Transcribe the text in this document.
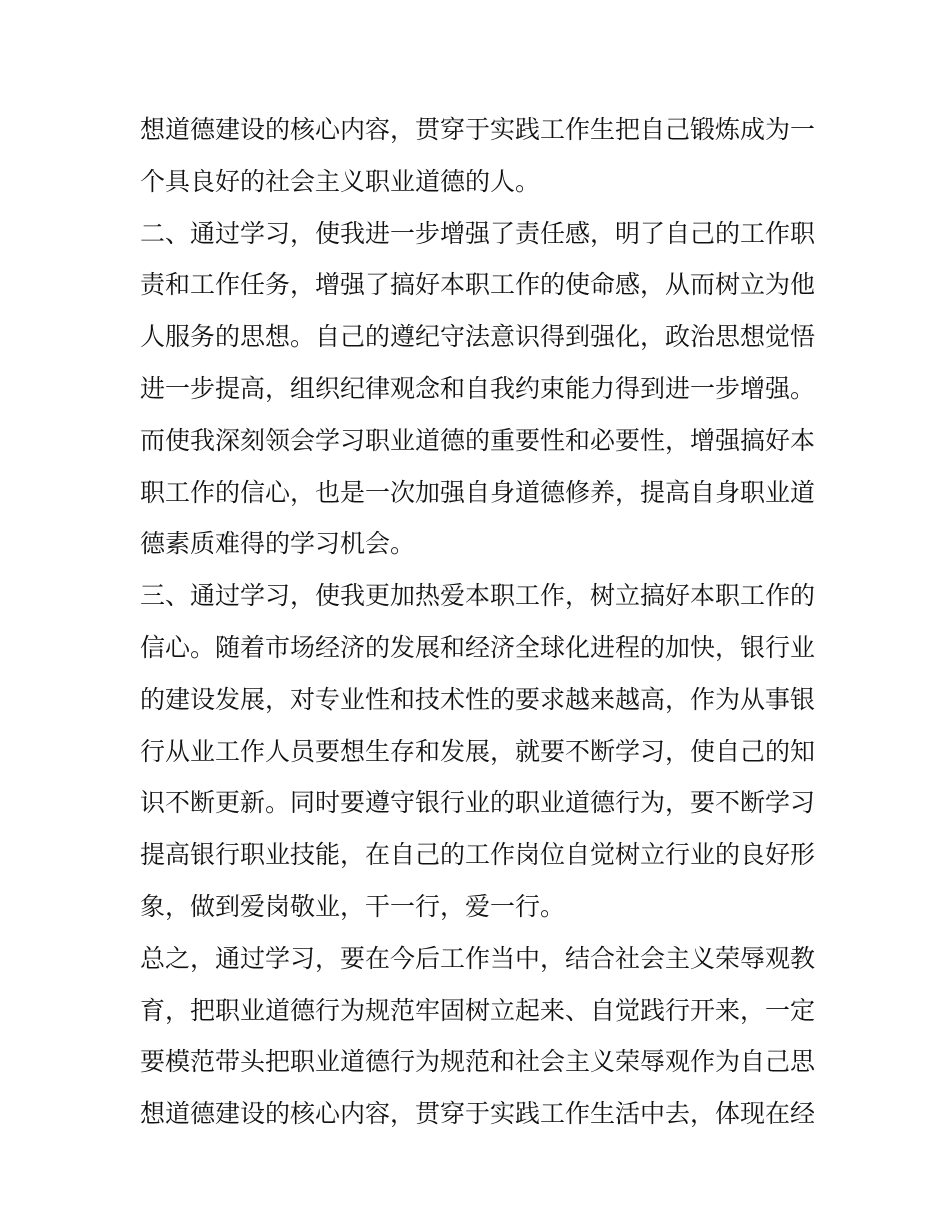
想道德建设的核心内容，贯穿于实践工作生把自己锻炼成为一
个具良好的社会主义职业道德的人。
二、通过学习，使我进一步增强了责任感，明了自己的工作职
责和工作任务，增强了搞好本职工作的使命感，从而树立为他
人服务的思想。自己的遵纪守法意识得到强化，政治思想觉悟
进一步提高，组织纪律观念和自我约束能力得到进一步增强。
而使我深刻领会学习职业道德的重要性和必要性，增强搞好本
职工作的信心，也是一次加强自身道德修养，提高自身职业道
德素质难得的学习机会。
三、通过学习，使我更加热爱本职工作，树立搞好本职工作的
信心。随着市场经济的发展和经济全球化进程的加快，银行业
的建设发展，对专业性和技术性的要求越来越高，作为从事银
行从业工作人员要想生存和发展，就要不断学习，使自己的知
识不断更新。同时要遵守银行业的职业道德行为，要不断学习
提高银行职业技能，在自己的工作岗位自觉树立行业的良好形
象，做到爱岗敬业，干一行，爱一行。
总之，通过学习，要在今后工作当中，结合社会主义荣辱观教
育，把职业道德行为规范牢固树立起来、自觉践行开来，一定
要模范带头把职业道德行为规范和社会主义荣辱观作为自己思
想道德建设的核心内容，贯穿于实践工作生活中去，体现在经
